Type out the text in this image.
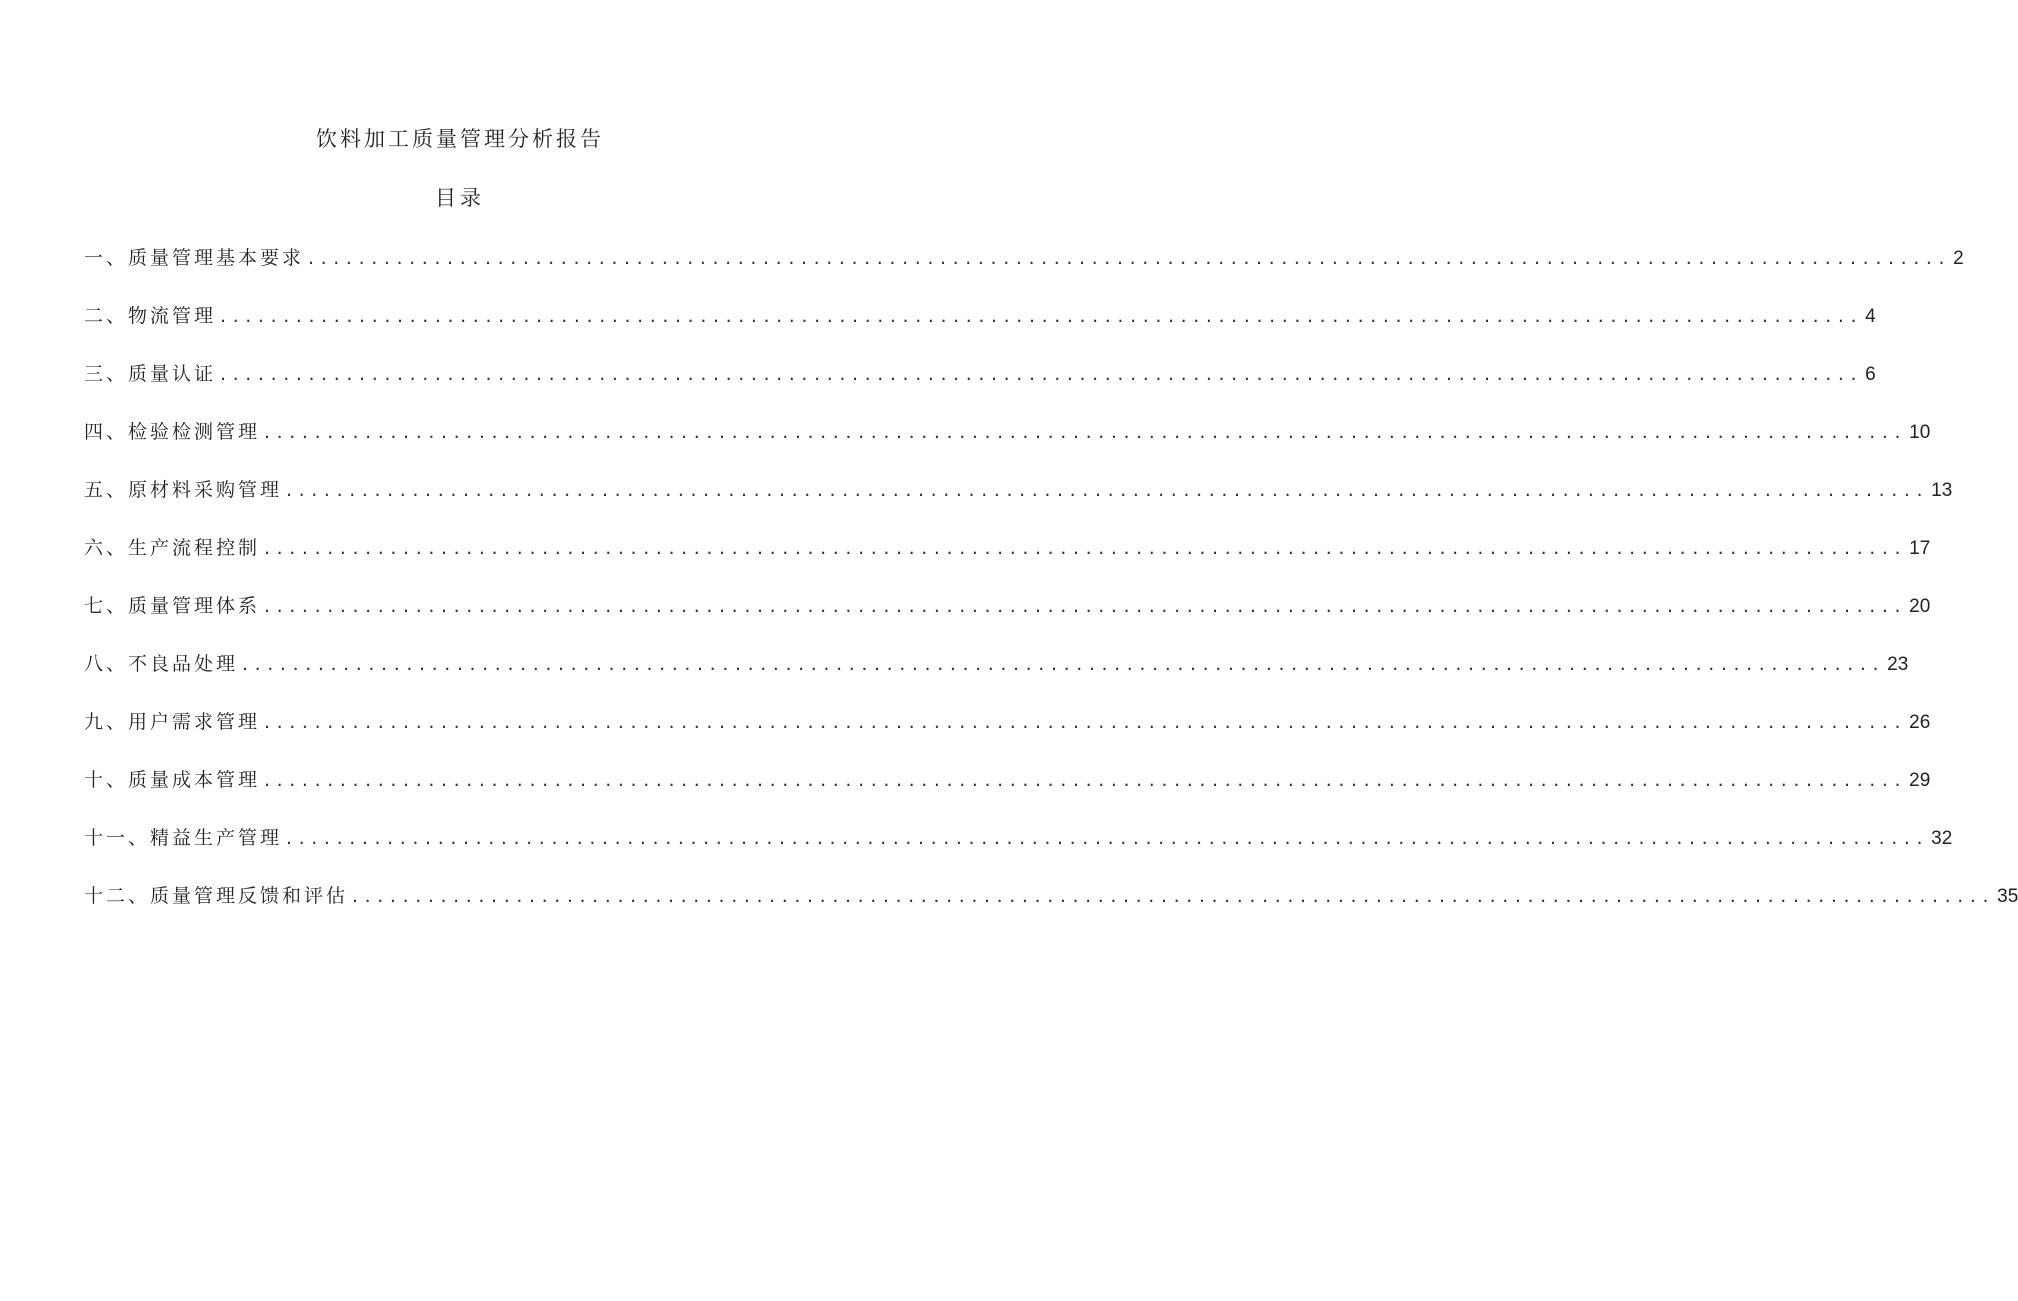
饮料加工质量管理分析报告
目录
一、质量管理基本要求 .................................................................................................................................. 2
二、物流管理 .................................................................................................................................. 4
三、质量认证 .................................................................................................................................. 6
四、检验检测管理 .................................................................................................................................. 10
五、原材料采购管理 .................................................................................................................................. 13
六、生产流程控制 .................................................................................................................................. 17
七、质量管理体系 .................................................................................................................................. 20
八、不良品处理 .................................................................................................................................. 23
九、用户需求管理 .................................................................................................................................. 26
十、质量成本管理 .................................................................................................................................. 29
十一、精益生产管理 .................................................................................................................................. 32
十二、质量管理反馈和评估 .................................................................................................................................. 35
